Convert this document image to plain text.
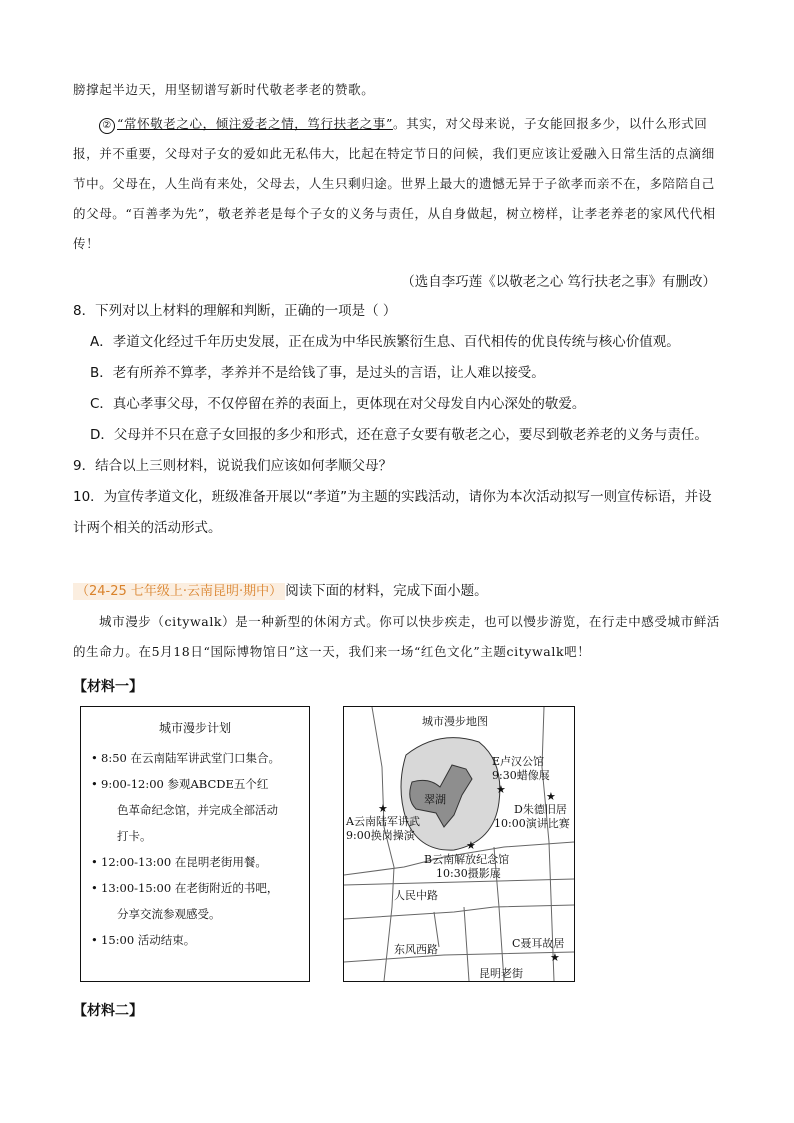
膀撑起半边天，用坚韧谱写新时代敬老孝老的赞歌。
② “常怀敬老之心，倾注爱老之情，笃行扶老之事”。其实，对父母来说，子女能回报多少，以什么形式回报，并不重要，父母对子女的爱如此无私伟大，比起在特定节日的问候，我们更应该让爱融入日常生活的点滴细节中。父母在，人生尚有来处，父母去，人生只剩归途。世界上最大的遗憾无异于子欲孝而亲不在，多陪陪自己的父母。“百善孝为先”，敬老养老是每个子女的义务与责任，从自身做起，树立榜样，让孝老养老的家风代代相传！
（选自李巧莲《以敬老之心 笃行扶老之事》有删改）
8．下列对以上材料的理解和判断，正确的一项是（ ）
A．孝道文化经过千年历史发展，正在成为中华民族繁衍生息、百代相传的优良传统与核心价值观。
B．老有所养不算孝，孝养并不是给钱了事，是过头的言语，让人难以接受。
C．真心孝事父母，不仅停留在养的表面上，更体现在对父母发自内心深处的敬爱。
D．父母并不只在意子女回报的多少和形式，还在意子女要有敬老之心，要尽到敬老养老的义务与责任。
9．结合以上三则材料，说说我们应该如何孝顺父母？
10．为宣传孝道文化，班级准备开展以“孝道”为主题的实践活动，请你为本次活动拟写一则宣传标语，并设计两个相关的活动形式。
（24-25 七年级上·云南昆明·期中） 阅读下面的材料，完成下面小题。
城市漫步（citywalk）是一种新型的休闲方式。你可以快步疾走，也可以慢步游览，在行走中感受城市鲜活的生命力。在5月18日“国际博物馆日”这一天，我们来一场“红色文化”主题citywalk吧！
【材料一】
城市漫步计划
• 8:50 在云南陆军讲武堂门口集合。
• 9:00-12:00 参观ABCDE五个红
色革命纪念馆，并完成全部活动
打卡。
• 12:00-13:00 在昆明老街用餐。
• 13:00-15:00 在老街附近的书吧，
分享交流参观感受。
• 15:00 活动结束。
翠湖
城市漫步地图
★
A云南陆军讲武
9:00换岗操演
★
B云南解放纪念馆
10:30摄影展
E卢汉公馆
9:30蜡像展
★
★
D朱德旧居
10:00演讲比赛
人民中路
东风西路
昆明老街
C聂耳故居
★
【材料二】
